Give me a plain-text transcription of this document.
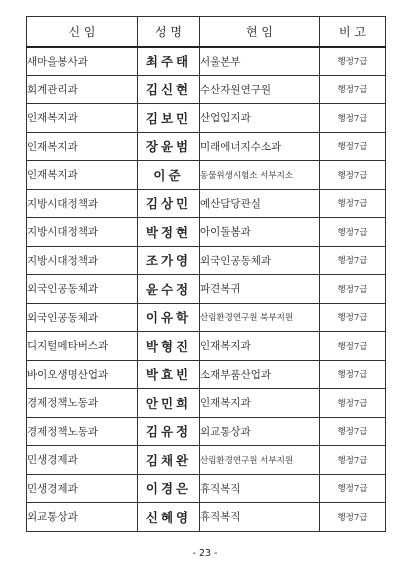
신 임	성 명	현 임	비 고
새마을봉사과	최주태	서울본부	행정7급
회계관리과	김신현	수산자원연구원	행정7급
인재복지과	김보민	산업입지과	행정7급
인재복지과	장윤범	미래에너지수소과	행정7급
인재복지과	이준	동물위생시험소 서부지소	행정7급
지방시대정책과	김상민	예산담당관실	행정7급
지방시대정책과	박정현	아이돌봄과	행정7급
지방시대정책과	조가영	외국인공동체과	행정7급
외국인공동체과	윤수정	파견복귀	행정7급
외국인공동체과	이유학	산림환경연구원 북부지원	행정7급
디지털메타버스과	박형진	인재복지과	행정7급
바이오생명산업과	박효빈	소재부품산업과	행정7급
경제정책노동과	안민희	인재복지과	행정7급
경제정책노동과	김유정	외교통상과	행정7급
민생경제과	김채완	산림환경연구원 서부지원	행정7급
민생경제과	이경은	휴직복직	행정7급
외교통상과	신혜영	휴직복직	행정7급
- 23 -
